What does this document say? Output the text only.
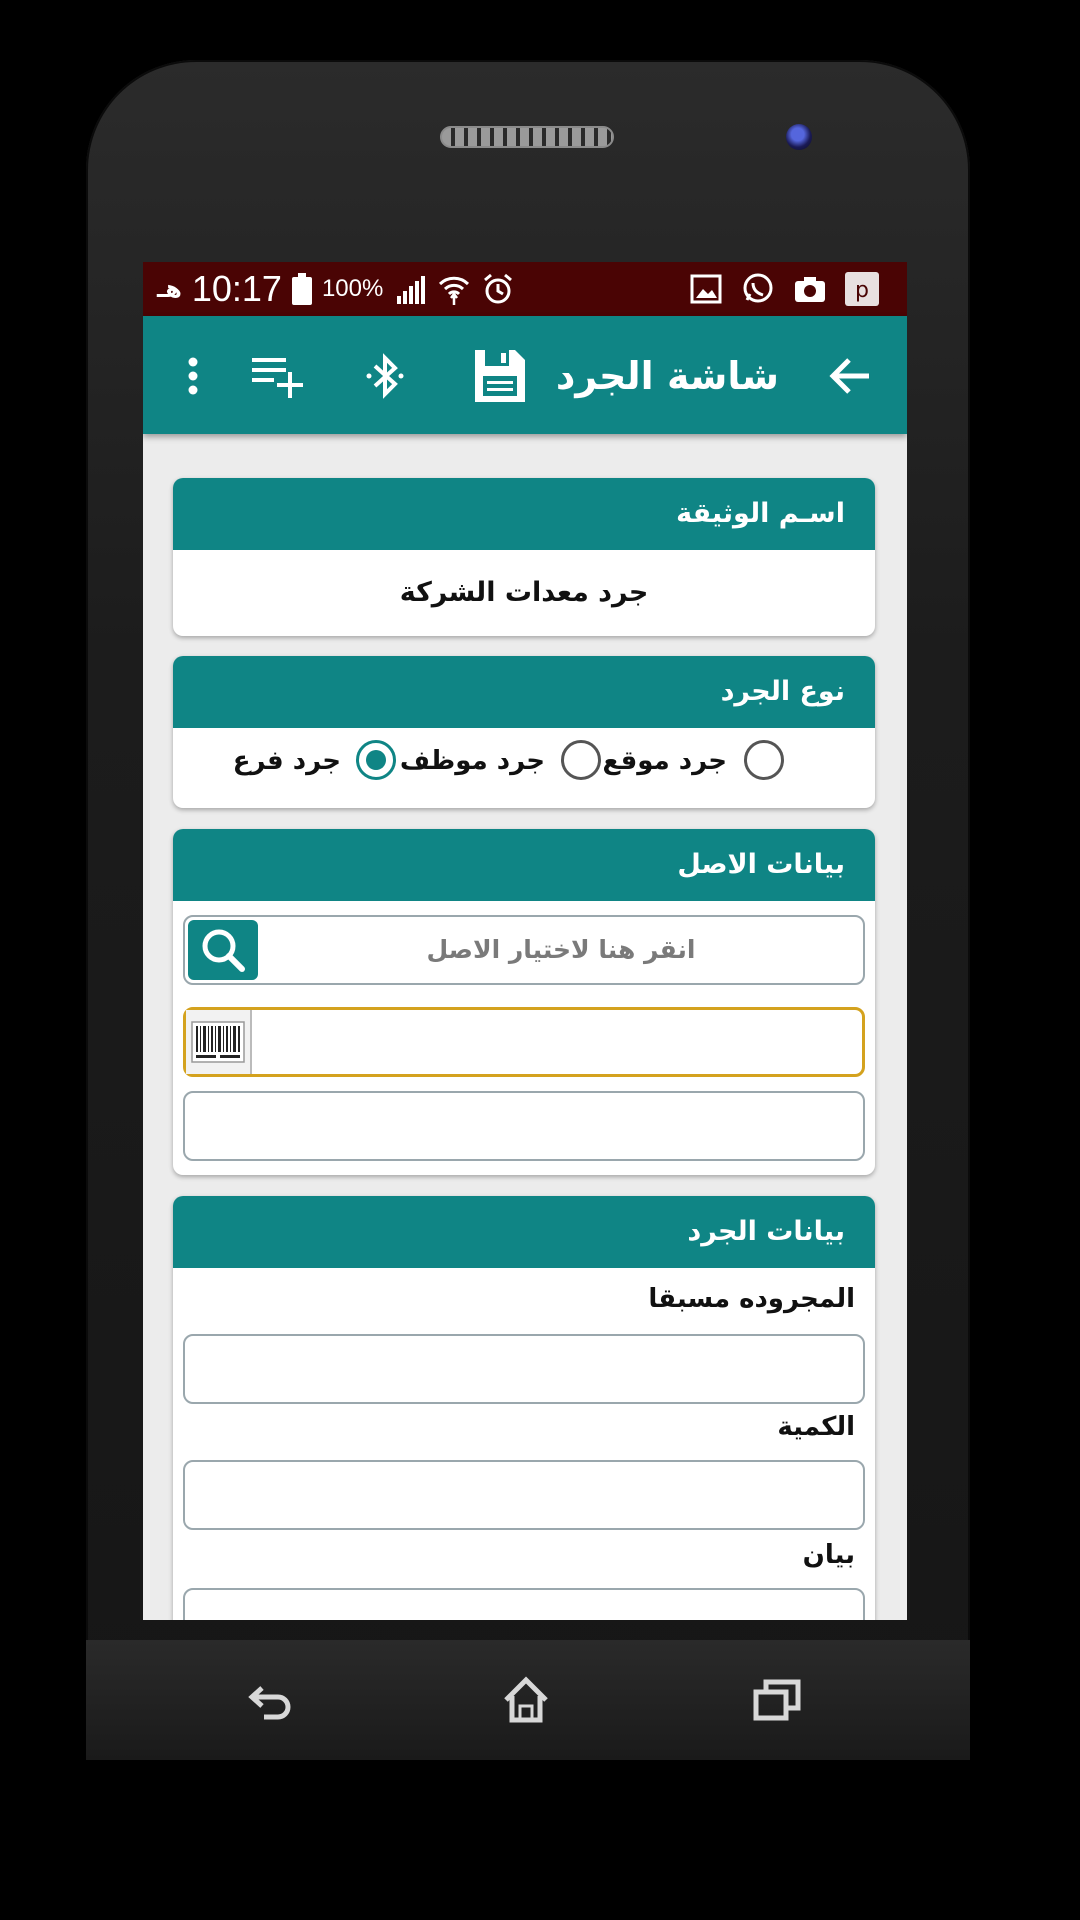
هـ 10:17 100%	p
شاشة الجرد
اسـم الوثيقة
جرد معدات الشركة
نوع الجرد
جرد موقع
جرد موظف
جرد فرع
بيانات الاصل
انقر هنا لاختيار الاصل
بيانات الجرد
المجروده مسبقا
الكمية
بيان
